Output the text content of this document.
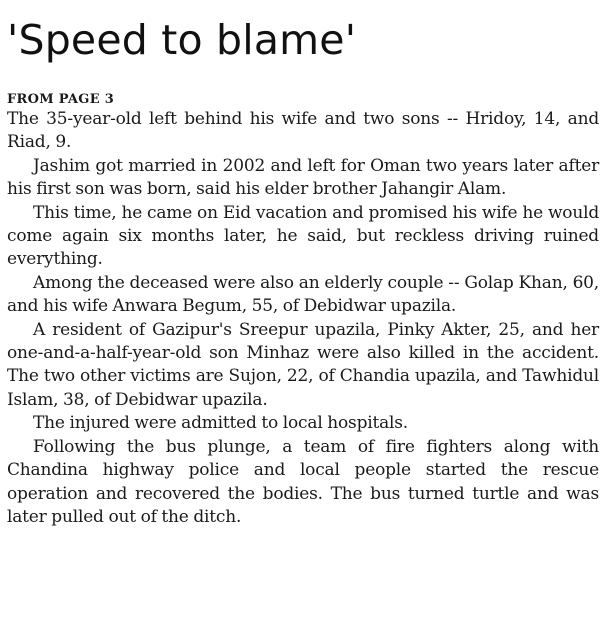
'Speed to blame'
FROM PAGE 3

The 35-year-old left behind his wife and two sons -- Hridoy, 14, and Riad, 9.

Jashim got married in 2002 and left for Oman two years later after his first son was born, said his elder brother Jahangir Alam.

This time, he came on Eid vacation and promised his wife he would come again six months later, he said, but reckless driving ruined everything.

Among the deceased were also an elderly couple -- Golap Khan, 60, and his wife Anwara Begum, 55, of Debidwar upazila.

A resident of Gazipur's Sreepur upazila, Pinky Akter, 25, and her one-and-a-half-year-old son Minhaz were also killed in the accident. The two other victims are Sujon, 22, of Chandia upazila, and Tawhidul Islam, 38, of Debidwar upazila.

The injured were admitted to local hospitals.

Following the bus plunge, a team of fire fighters along with Chandina highway police and local people started the rescue operation and recovered the bodies. The bus turned turtle and was later pulled out of the ditch.
